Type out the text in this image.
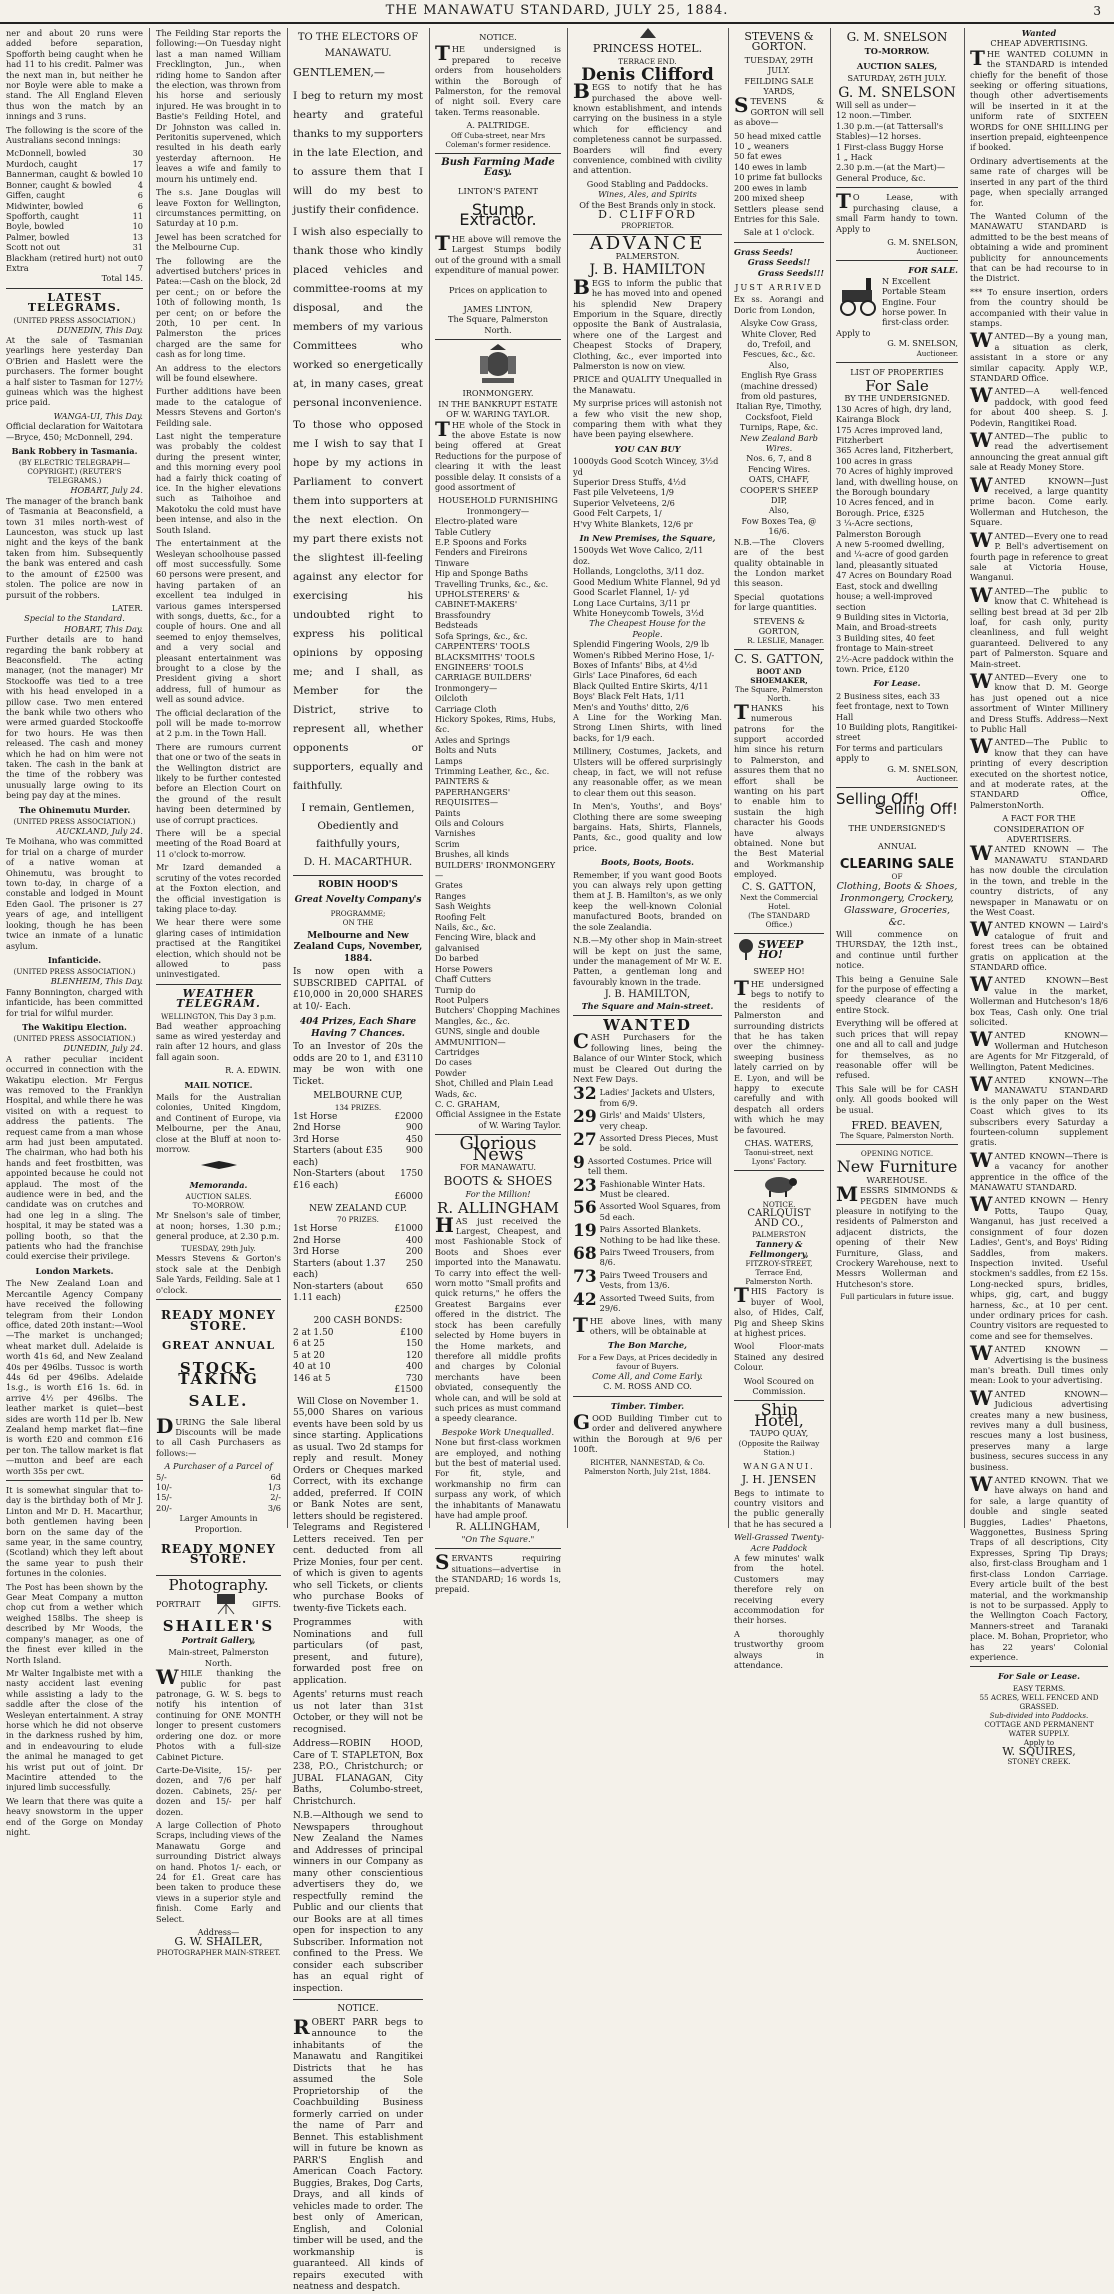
THE MANAWATU STANDARD, JULY 25, 1884.	3

ner and about 20 runs were added before separation, Spofforth being caught when he had 11 to his credit. Palmer was the next man in, but neither he nor Boyle were able to make a stand. The All England Eleven thus won the match by an innings and 3 runs.

The following is the score of the Australians second innings:

McDonnell, bowled	30
Murdoch, caught	17
Bannerman, caught & bowled 10
Bonner, caught & bowled	4
Giffen, caught	6
Midwinter, bowled	6
Spofforth, caught	11
Boyle, bowled	10
Palmer, bowled	13
Scott not out	31
Blackham (retired hurt) not out 0
Extra	7
Total 145.
LATEST TELEGRAMS.
(UNITED PRESS ASSOCIATION.)
DUNEDIN, This Day.

At the sale of Tasmanian yearlings here yesterday Dan O'Brien and Haslett were the purchasers. The former bought a half sister to Tasman for 127½ guineas which was the highest price paid.

WANGA-UI, This Day.

Official declaration for Waitotara—Bryce, 450; McDonnell, 294.

Bank Robbery in Tasmania.
(BY ELECTRIC TELEGRAPH—COPYRIGHT.) (REUTER'S TELEGRAMS.)
HOBART, July 24.

The manager of the branch bank of Tasmania at Beaconsfield, a town 31 miles north-west of Launceston, was stuck up last night and the keys of the bank taken from him. Subsequently the bank was entered and cash to the amount of £2500 was stolen. The police are now in pursuit of the robbers.

LATER.
Special to the Standard.
HOBART, This Day.

Further details are to hand regarding the bank robbery at Beaconsfield. The acting manager, (not the manager) Mr Stockooffe was tied to a tree with his head enveloped in a pillow case. Two men entered the bank while two others who were armed guarded Stockooffe for two hours. He was then released. The cash and money which he had on him were not taken. The cash in the bank at the time of the robbery was unusually large owing to its being pay day at the mines.

The Ohinemutu Murder.
(UNITED PRESS ASSOCIATION.)
AUCKLAND, July 24.

Te Moihana, who was committed for trial on a charge of murder of a native woman at Ohinemutu, was brought to town to-day, in charge of a constable and lodged in Mount Eden Gaol. The prisoner is 27 years of age, and intelligent looking, though he has been twice an inmate of a lunatic asylum.

Infanticide.
(UNITED PRESS ASSOCIATION.)
BLENHEIM, This Day.

Fanny Bonnington, charged with infanticide, has been committed for trial for wilful murder.

The Wakitipu Election.
(UNITED PRESS ASSOCIATION.)
DUNEDIN, July 24.

A rather peculiar incident occurred in connection with the Wakatipu election. Mr Fergus was removed to the Franklyn Hospital, and while there he was visited on with a request to address the patients. The request came from a man whose arm had just been amputated. The chairman, who had both his hands and feet frostbitten, was appointed because he could not applaud. The most of the audience were in bed, and the candidate was on crutches and had one leg in a sling. The hospital, it may be stated was a polling booth, so that the patients who had the franchise could exercise their privilege.

London Markets.

The New Zealand Loan and Mercantile Agency Company have received the following telegram from their London office, dated 20th instant:—Wool—The market is unchanged; wheat market dull. Adelaide is worth 41s 6d, and New Zealand 40s per 496lbs. Tussoc is worth 44s 6d per 496lbs. Adelaide 1s.g., is worth £16 1s. 6d. in arrive 4½ per 496lbs. The leather market is quiet—best sides are worth 11d per lb. New Zealand hemp market flat—fine is worth £20 and common £16 per ton. The tallow market is flat—mutton and beef are each worth 35s per cwt.

It is somewhat singular that to-day is the birthday both of Mr J. Linton and Mr D. H. Macarthur, both gentlemen having been born on the same day of the same year, in the same country, (Scotland) which they left about the same year to push their fortunes in the colonies.

The Post has been shown by the Gear Meat Company a mutton chop cut from a wether which weighed 158lbs. The sheep is described by Mr Woods, the company's manager, as one of the finest ever killed in the North Island.

Mr Walter Ingalbiste met with a nasty accident last evening while assisting a lady to the saddle after the close of the Wesleyan entertainment. A stray horse which he did not observe in the darkness rushed by him, and in endeavouring to elude the animal he managed to get his wrist put out of joint. Dr Macintire attended to the injured limb successfully.

We learn that there was quite a heavy snowstorm in the upper end of the Gorge on Monday night.

The Feilding Star reports the following:—On Tuesday night last a man named William Frecklington, Jun., when riding home to Sandon after the election, was thrown from his horse and seriously injured. He was brought in to Bastie's Feilding Hotel, and Dr Johnston was called in. Peritonitis supervened, which resulted in his death early yesterday afternoon. He leaves a wife and family to mourn his untimely end.

The s.s. Jane Douglas will leave Foxton for Wellington, circumstances permitting, on Saturday at 10 p.m.

Jewel has been scratched for the Melbourne Cup.

The following are the advertised butchers' prices in Patea:—Cash on the block, 2d per cent.; on or before the 10th of following month, 1s per cent; on or before the 20th, 10 per cent. In Palmerston the prices charged are the same for cash as for long time.

An address to the electors will be found elsewhere.

Further additions have been made to the catalogue of Messrs Stevens and Gorton's Feilding sale.

Last night the temperature was probably the coldest during the present winter, and this morning every pool had a fairly thick coating of ice. In the higher elevations such as Taihoihoe and Makotoku the cold must have been intense, and also in the South Island.

The entertainment at the Wesleyan schoolhouse passed off most successfully. Some 60 persons were present, and having partaken of an excellent tea indulged in various games interspersed with songs, duetts, &c., for a couple of hours. One and all seemed to enjoy themselves, and a very social and pleasant entertainment was brought to a close by the President giving a short address, full of humour as well as sound advice.

The official declaration of the poll will be made to-morrow at 2 p.m. in the Town Hall.

There are rumours current that one or two of the seats in the Wellington district are likely to be further contested before an Election Court on the ground of the result having been determined by use of corrupt practices.

There will be a special meeting of the Road Board at 11 o'clock to-morrow.

Mr Izard demanded a scrutiny of the votes recorded at the Foxton election, and the official investigation is taking place to-day.

We hear there were some glaring cases of intimidation practised at the Rangitikei election, which should not be allowed to pass uninvestigated.

WEATHER TELEGRAM.
WELLINGTON, This Day 3 p.m.

Bad weather approaching same as wired yesterday and rain after 12 hours, and glass fall again soon.

R. A. EDWIN.
MAIL NOTICE.

Mails for the Australian colonies, United Kingdom, and Continent of Europe, via Melbourne, per the Anau, close at the Bluff at noon to-morrow.

Memoranda.
AUCTION SALES.
TO-MORROW.

Mr Snelson's sale of timber, at noon; horses, 1.30 p.m.; general produce, at 2.30 p.m.

TUESDAY, 29th July.

Messrs Stevens & Gorton's stock sale at the Denbigh Sale Yards, Feilding. Sale at 1 o'clock.

READY MONEY STORE.
GREAT ANNUAL
STOCK-TAKING
SALE.

DURING the Sale liberal Discounts will be made to all Cash Purchasers as follows:—

A Purchaser of a Parcel of
5/-	6d
10/-	1/3
15/-	2/-
20/-	3/6
Larger Amounts in Proportion.
READY MONEY STORE.
Photography.
PORTRAIT	GIFTS.
SHAILER'S
Portrait Gallery,
Main-street, Palmerston North.

WHILE thanking the public for past patronage, G. W. S. begs to notify his intention of continuing for ONE MONTH longer to present customers ordering one doz. or more Photos with a full-size Cabinet Picture.

Carte-De-Visite, 15/- per dozen, and 7/6 per half dozen. Cabinets, 25/- per dozen and 15/- per half dozen.

A large Collection of Photo Scraps, including views of the Manawatu Gorge and surrounding District always on hand. Photos 1/- each, or 24 for £1. Great care has been taken to produce these views in a superior style and finish. Come Early and Select.

Address—
G. W. SHAILER,
PHOTOGRAPHER MAIN-STREET.
TO THE ELECTORS OF
MANAWATU.

GENTLEMEN,—

I beg to return my most hearty and grateful thanks to my supporters in the late Election, and to assure them that I will do my best to justify their confidence.

I wish also especially to thank those who kindly placed vehicles and committee-rooms at my disposal, and the members of my various Committees who worked so energetically at, in many cases, great personal inconvenience.

To those who opposed me I wish to say that I hope by my actions in Parliament to convert them into supporters at the next election. On my part there exists not the slightest ill-feeling against any elector for exercising his undoubted right to express his political opinions by opposing me; and I shall, as Member for the District, strive to represent all, whether opponents or supporters, equally and faithfully.

I remain, Gentlemen,
Obediently and faithfully yours,
D. H. MACARTHUR.
ROBIN HOOD'S
Great Novelty Company's
PROGRAMME;
ON THE
Melbourne and New Zealand Cups, November, 1884.

Is now open with a SUBSCRIBED CAPITAL of £10,000 in 20,000 SHARES at 10/- Each.

404 Prizes, Each Share Having 7 Chances.

To an Investor of 20s the odds are 20 to 1, and £3110 may be won with one Ticket.

MELBOURNE CUP,
134 PRIZES.
1st Horse	£2000
2nd Horse	900
3rd Horse	450
Starters (about £35 each)
900
Non-Starters (about £16 each)
1750
£6000
NEW ZEALAND CUP.
70 PRIZES.
1st Horse	£1000
2nd Horse	400
3rd Horse	200
Starters (about 1.37 each)
250
Non-starters (about 1.11 each)
650
£2500
200 CASH BONDS:
2 at 1.50	£100
6 at 25	150
5 at 20	120
40 at 10	400
146 at 5	730
£1500
Will Close on November 1.

55,000 Shares on various events have been sold by us since starting. Applications as usual. Two 2d stamps for reply and result. Money Orders or Cheques marked Correct, with its exchange added, preferred. If COIN or Bank Notes are sent, letters should be registered. Telegrams and Registered Letters received. Ten per cent. deducted from all Prize Monies, four per cent. of which is given to agents who sell Tickets, or clients who purchase Books of twenty-five Tickets each.

Programmes with Nominations and full particulars (of past, present, and future), forwarded post free on application.

Agents' returns must reach us not later than 31st October, or they will not be recognised.

Address—ROBIN HOOD, Care of T. STAPLETON, Box 238, P.O., Christchurch; or JUBAL FLANAGAN, City Baths, Columbo-street, Christchurch.

N.B.—Although we send to Newspapers throughout New Zealand the Names and Addresses of principal winners in our Company as many other conscientious advertisers they do, we respectfully remind the Public and our clients that our Books are at all times open for inspection to any Subscriber. Information not confined to the Press. We consider each subscriber has an equal right of inspection.

NOTICE.

ROBERT PARR begs to announce to the inhabitants of the Manawatu and Rangitikei Districts that he has assumed the Sole Proprietorship of the Coachbuilding Business formerly carried on under the name of Parr and Bennet. This establishment will in future be known as PARR'S English and American Coach Factory. Buggies, Brakes, Dog Carts, Drays, and all kinds of vehicles made to order. The best only of American, English, and Colonial timber will be used, and the workmanship is guaranteed. All kinds of repairs executed with neatness and despatch.

NOTICE.

THE undersigned is prepared to receive orders from householders within the Borough of Palmerston, for the removal of night soil. Every care taken. Terms reasonable.

A. PALTRIDGE.
Off Cuba-street, near Mrs Coleman's former residence.
Bush Farming Made Easy.
LINTON'S PATENT
Stump Extractor.

THE above will remove the Largest Stumps bodily out of the ground with a small expenditure of manual power.

Prices on application to
JAMES LINTON,
The Square, Palmerston North.
IRONMONGERY.
IN THE BANKRUPT ESTATE OF W. WARING TAYLOR.

THE whole of the Stock in the above Estate is now being offered at Great Reductions for the purpose of clearing it with the least possible delay. It consists of a good assortment of

HOUSEHOLD FURNISHING
Ironmongery—
Electro-plated ware
Table Cutlery
E.P. Spoons and Forks
Fenders and Fireirons
Tinware
Hip and Sponge Baths
Travelling Trunks, &c., &c.
UPHOLSTERERS' & CABINET-MAKERS'
Brassfoundry
Bedsteads
Sofa Springs, &c., &c.
CARPENTERS' TOOLS
BLACKSMITHS' TOOLS
ENGINEERS' TOOLS
CARRIAGE BUILDERS' Ironmongery—
Oilcloth
Carriage Cloth
Hickory Spokes, Rims, Hubs, &c.
Axles and Springs
Bolts and Nuts
Lamps
Trimming Leather, &c., &c.
PAINTERS & PAPERHANGERS' REQUISITES—
Paints
Oils and Colours
Varnishes
Scrim
Brushes, all kinds
BUILDERS' IRONMONGERY—
Grates
Ranges
Sash Weights
Roofing Felt
Nails, &c., &c.
Fencing Wire, black and galvanised
Do barbed
Horse Powers
Chaff Cutters
Turnip do
Root Pulpers
Butchers' Chopping Machines
Mangles, &c., &c.
GUNS, single and double
AMMUNITION—
Cartridges
Do cases
Powder
Shot, Chilled and Plain Lead
Wads, &c.
C. C. GRAHAM,
Official Assignee in the Estate of W. Waring Taylor.
Glorious News
FOR MANAWATU.
BOOTS & SHOES
For the Million!
R. ALLINGHAM

HAS just received the Largest, Cheapest, and most Fashionable Stock of Boots and Shoes ever imported into the Manawatu. To carry into effect the well-worn motto "Small profits and quick returns," he offers the Greatest Bargains ever offered in the district. The stock has been carefully selected by Home buyers in the Home markets, and therefore all middle profits and charges by Colonial merchants have been obviated, consequently the whole can, and will be sold at such prices as must command a speedy clearance.

Bespoke Work Unequalled.

None but first-class workmen are employed, and nothing but the best of material used. For fit, style, and workmanship no firm can surpass any work, of which the inhabitants of Manawatu have had ample proof.

R. ALLINGHAM,
"On The Square."

SERVANTS requiring situations—advertise in the STANDARD; 16 words 1s, prepaid.

PRINCESS HOTEL.
TERRACE END.
Denis Clifford

BEGS to notify that he has purchased the above well-known establishment, and intends carrying on the business in a style which for efficiency and completeness cannot be surpassed. Boarders will find every convenience, combined with civility and attention.

Good Stabling and Paddocks.
Wines, Ales, and Spirits
Of the Best Brands only in stock.
D. CLIFFORD
PROPRIETOR.
ADVANCE
PALMERSTON.
J. B. HAMILTON

BEGS to inform the public that he has moved into and opened his splendid New Drapery Emporium in the Square, directly opposite the Bank of Australasia, where one of the Largest and Cheapest Stocks of Drapery, Clothing, &c., ever imported into Palmerston is now on view.

PRICE and QUALITY Unequalled in the Manawatu.

My surprise prices will astonish not a few who visit the new shop, comparing them with what they have been paying elsewhere.

YOU CAN BUY
1000yds Good Scotch Wincey, 3½d yd
Superior Dress Stuffs, 4½d
Fast pile Velveteens, 1/9
Superior Velveteens, 2/6
Good Felt Carpets, 1/
H'vy White Blankets, 12/6 pr
In New Premises, the Square,
1500yds Wet Wove Calico, 2/11 doz.
Hollands, Longcloths, 3/11 doz.
Good Medium White Flannel, 9d yd
Good Scarlet Flannel, 1/- yd
Long Lace Curtains, 3/11 pr
White Honeycomb Towels, 3½d
The Cheapest House for the People.
Splendid Fingering Wools, 2/9 lb
Women's Ribbed Merino Hose, 1/-
Boxes of Infants' Bibs, at 4½d
Girls' Lace Pinafores, 6d each
Black Quilted Entire Skirts, 4/11
Boys' Black Felt Hats, 1/11
Men's and Youths' ditto, 2/6

A Line for the Working Man. Strong Linen Shirts, with lined backs, for 1/9 each.

Millinery, Costumes, Jackets, and Ulsters will be offered surprisingly cheap, in fact, we will not refuse any reasonable offer, as we mean to clear them out this season.

In Men's, Youths', and Boys' Clothing there are some sweeping bargains. Hats, Shirts, Flannels, Pants, &c., good quality and low price.

Boots, Boots, Boots.

Remember, if you want good Boots you can always rely upon getting them at J. B. Hamilton's, as we only keep the well-known Colonial manufactured Boots, branded on the sole Zealandia.

N.B.—My other shop in Main-street will be kept on just the same, under the management of Mr W. E. Patten, a gentleman long and favourably known in the trade.

J. B. HAMILTON,
The Square and Main-street.
WANTED

CASH Purchasers for the following lines, being the Balance of our Winter Stock, which must be Cleared Out during the Next Few Days.

32 Ladies' Jackets and Ulsters, from 6/9.
29 Girls' and Maids' Ulsters, very cheap.
27 Assorted Dress Pieces, Must be sold.
9 Assorted Costumes. Price will tell them.
23 Fashionable Winter Hats. Must be cleared.
56 Assorted Wool Squares, from 5d each.
19 Pairs Assorted Blankets. Nothing to be had like these.
68 Pairs Tweed Trousers, from 8/6.
73 Pairs Tweed Trousers and Vests, from 13/6.
42 Assorted Tweed Suits, from 29/6.

THE above lines, with many others, will be obtainable at

The Bon Marche,
For a Few Days, at Prices decidedly in favour of Buyers.
Come All, and Come Early.
C. M. ROSS AND CO.
Timber. Timber.

GOOD Building Timber cut to order and delivered anywhere within the Borough at 9/6 per 100ft.

RICHTER, NANNESTAD, & Co.
Palmerston North, July 21st, 1884.
STEVENS & GORTON.
TUESDAY, 29TH JULY.
FEILDING SALE YARDS,

STEVENS & GORTON will sell as above—

50 head mixed cattle
10 „ weaners
50 fat ewes
140 ewes in lamb
10 prime fat bullocks
200 ewes in lamb
200 mixed sheep

Settlers please send Entries for this Sale.

Sale at 1 o'clock.
Grass Seeds!
Grass Seeds!!
Grass Seeds!!!
JUST ARRIVED

Ex ss. Aorangi and Doric from London,

Alsyke Cow Grass, White Clover, Red do, Trefoil, and Fescues, &c., &c.
Also,
English Rye Grass (machine dressed) from old pastures, Italian Rye, Timothy, Cocksfoot, Field Turnips, Rape, &c.
New Zealand Barb Wires.
Nos. 6, 7, and 8 Fencing Wires.
OATS, CHAFF,
COOPER'S SHEEP DIP,
Also,
Fow Boxes Tea, @ 16/6.

N.B.—The Clovers are of the best quality obtainable in the London market this season.

Special quotations for large quantities.

STEVENS & GORTON,
R. LESLIE, Manager.
C. S. GATTON,
BOOT AND SHOEMAKER,
The Square, Palmerston North.

THANKS his numerous patrons for the support accorded him since his return to Palmerston, and assures them that no effort shall be wanting on his part to enable him to sustain the high character his Goods have always obtained. None but the Best Material and Workmanship employed.

C. S. GATTON,
Next the Commercial Hotel.
(The STANDARD Office.)
SWEEP HO!
SWEEP HO!

THE undersigned begs to notify to the residents of Palmerston and surrounding districts that he has taken over the chimney-sweeping business lately carried on by E. Lyon, and will be happy to execute carefully and with despatch all orders with which he may be favoured.

CHAS. WATERS,
Taonui-street, next Lyons' Factory.
NOTICE.
CARLQUIST AND CO.,
PALMERSTON
Tannery & Fellmongery,
FITZROY-STREET,
Terrace End, Palmerston North.

THIS Factory is buyer of Wool, also, of Hides, Calf, Pig and Sheep Skins at highest prices.

Wool Floor-mats Stained any desired Colour.

Wool Scoured on Commission.
Ship Hotel,
TAUPO QUAY,
(Opposite the Railway Station.)
WANGANUI.
J. H. JENSEN

Begs to intimate to country visitors and the public generally that he has secured a

Well-Grassed Twenty-Acre Paddock

A few minutes' walk from the hotel. Customers may therefore rely on receiving every accommodation for their horses.

A thoroughly trustworthy groom always in attendance.

G. M. SNELSON
TO-MORROW.
AUCTION SALES,
SATURDAY, 26TH JULY.
G. M. SNELSON
Will sell as under—
12 noon.—Timber.
1.30 p.m.—(at Tattersall's Stables)—12 horses.
1 First-class Buggy Horse
1 „ Hack
2.30 p.m.—(at the Mart)—General Produce, &c.

T O Lease, with purchasing clause, a small Farm handy to town. Apply to

G. M. SNELSON,
Auctioneer.
FOR SALE.
N Excellent Portable Steam Engine. Four horse power. In first-class order.
Apply to
G. M. SNELSON,
Auctioneer.
LIST OF PROPERTIES
For Sale
BY THE UNDERSIGNED.
130 Acres of high, dry land, Kairanga Block
175 Acres improved land, Fitzherbert
365 Acres land, Fitzherbert, 100 acres in grass
70 Acres of highly improved land, with dwelling house, on the Borough boundary
10 Acres fenced, and in Borough. Price, £325
3 ¼-Acre sections, Palmerston Borough
A new 5-roomed dwelling, and ¼-acre of good garden land, pleasantly situated
47 Acres on Boundary Road East, stock and dwelling house; a well-improved section
9 Building sites in Victoria, Main, and Broad-streets
3 Building sites, 40 feet frontage to Main-street
2½-Acre paddock within the town. Price, £120
For Lease.
2 Business sites, each 33 feet frontage, next to Town Hall
10 Building plots, Rangitikei-street
For terms and particulars apply to
G. M. SNELSON,
Auctioneer.
Selling Off!
Selling Off!
THE UNDERSIGNED'S
ANNUAL
CLEARING SALE
OF
Clothing, Boots & Shoes, Ironmongery, Crockery, Glassware, Groceries, &c.

Will commence on THURSDAY, the 12th inst., and continue until further notice.

This being a Genuine Sale for the purpose of effecting a speedy clearance of the entire Stock.

Everything will be offered at such prices that will repay one and all to call and judge for themselves, as no reasonable offer will be refused.

This Sale will be for CASH only. All goods booked will be usual.

FRED. BEAVEN,
The Square, Palmerston North.
OPENING NOTICE.
New Furniture
WAREHOUSE.

MESSRS SIMMONDS & PEGDEN have much pleasure in notifying to the residents of Palmerston and adjacent districts, the opening of their New Furniture, Glass, and Crockery Warehouse, next to Messrs Wollerman and Hutcheson's store.

Full particulars in future issue.
Wanted
CHEAP ADVERTISING.

THE WANTED COLUMN in the STANDARD is intended chiefly for the benefit of those seeking or offering situations, though other advertisements will be inserted in it at the uniform rate of SIXTEEN WORDS for ONE SHILLING per insertion prepaid, eighteenpence if booked.

Ordinary advertisements at the same rate of charges will be inserted in any part of the third page, when specially arranged for.

The Wanted Column of the MANAWATU STANDARD is admitted to be the best means of obtaining a wide and prominent publicity for announcements that can be had recourse to in the District.

*** To ensure insertion, orders from the country should be accompanied with their value in stamps.

WANTED—By a young man, a situation as clerk, assistant in a store or any similar capacity. Apply W.P., STANDARD Office.

WANTED—A well-fenced paddock, with good feed for about 400 sheep. S. J. Podevin, Rangitikei Road.

WANTED—The public to read the advertisement announcing the great annual gift sale at Ready Money Store.

WANTED KNOWN—Just received, a large quantity prime bacon. Come early. Wollerman and Hutcheson, the Square.

WANTED—Every one to read P. Bell's advertisement on fourth page in reference to great sale at Victoria House, Wanganui.

WANTED—The public to know that C. Whitehead is selling best bread at 3d per 2lb loaf, for cash only, purity cleanliness, and full weight guaranteed. Delivered to any part of Palmerston. Square and Main-street.

WANTED—Every one to know that D. M. George has just opened out a nice assortment of Winter Millinery and Dress Stuffs. Address—Next to Public Hall

WANTED—The Public to know that they can have printing of every description executed on the shortest notice, and at moderate rates, at the STANDARD Office, PalmerstonNorth.

A FACT FOR THE CONSIDERATION OF ADVERTISERS.

WANTED KNOWN — The MANAWATU STANDARD has now double the circulation in the town, and treble in the country districts, of any newspaper in Manawatu or on the West Coast.

WANTED KNOWN — Laird's catalogue of fruit and forest trees can be obtained gratis on application at the STANDARD office.

WANTED KNOWN—Best value in the market, Wollerman and Hutcheson's 18/6 box Teas, Cash only. One trial solicited.

WANTED KNOWN—Wollerman and Hutcheson are Agents for Mr Fitzgerald, of Wellington, Patent Medicines.

WANTED KNOWN—The MANAWATU STANDARD is the only paper on the West Coast which gives to its subscribers every Saturday a fourteen-column supplement gratis.

WANTED KNOWN—There is a vacancy for another apprentice in the office of the MANAWATU STANDARD.

WANTED KNOWN — Henry Potts, Taupo Quay, Wanganui, has just received a consignment of four dozen Ladies', Gent's, and Boys' Riding Saddles, from makers. Inspection invited. Useful stockmen's saddles, from £2 15s. Long-necked spurs, bridles, whips, gig, cart, and buggy harness, &c., at 10 per cent. under ordinary prices for cash. Country visitors are requested to come and see for themselves.

WANTED KNOWN — Advertising is the business man's breath. Dull times only mean: Look to your advertising.

WANTED KNOWN—Judicious advertising creates many a new business, revives many a dull business, rescues many a lost business, preserves many a large business, secures success in any business.

WANTED KNOWN. That we have always on hand and for sale, a large quantity of double and single seated Buggies, Ladies' Phaetons, Waggonettes, Business Spring Traps of all descriptions, City Expresses, Spring Tip Drays; also, first-class Brougham and 1 first-class London Carriage. Every article built of the best material, and the workmanship is not to be surpassed. Apply to the Wellington Coach Factory, Manners-street and Taranaki place. M. Bohan, Proprietor, who has 22 years' Colonial experience.

For Sale or Lease.
EASY TERMS.
55 ACRES, WELL FENCED AND GRASSED.
Sub-divided into Paddocks.
COTTAGE AND PERMANENT WATER SUPPLY.
Apply to
W. SQUIRES,
STONEY CREEK.
